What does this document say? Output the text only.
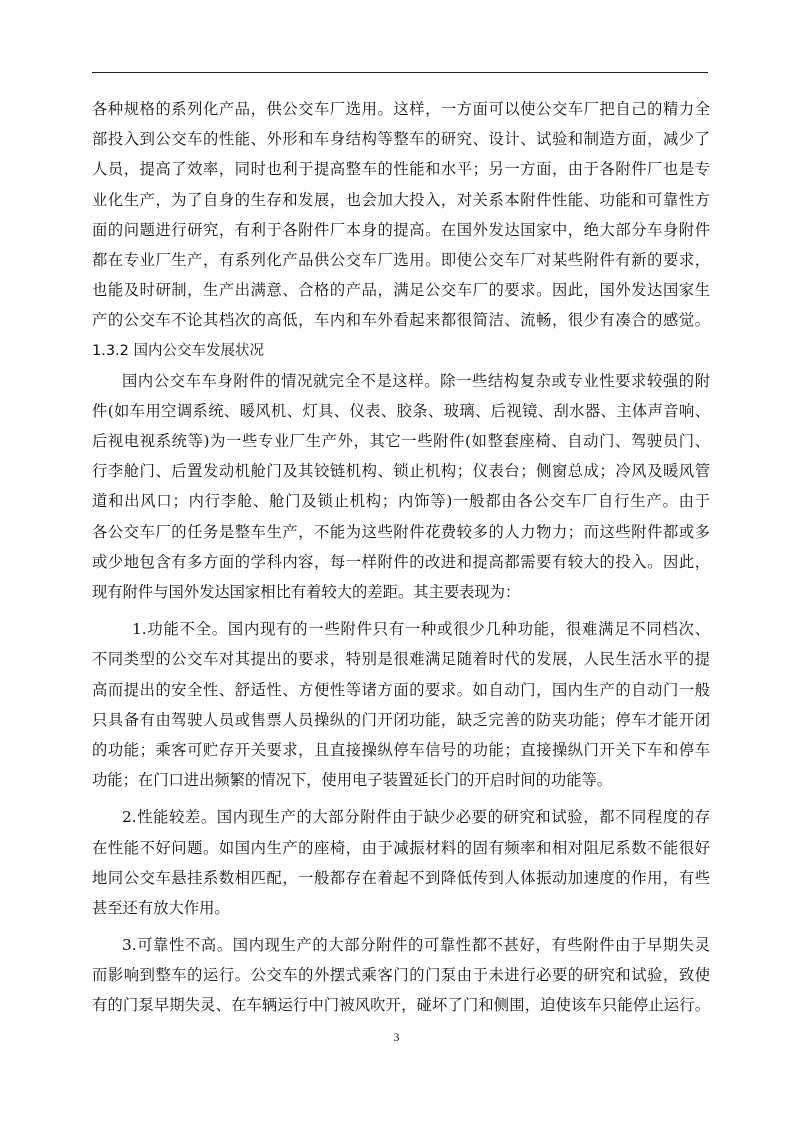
各种规格的系列化产品，供公交车厂选用。这样，一方面可以使公交车厂把自己的精力全
部投入到公交车的性能、外形和车身结构等整车的研究、设计、试验和制造方面，减少了
人员，提高了效率，同时也利于提高整车的性能和水平；另一方面，由于各附件厂也是专
业化生产，为了自身的生存和发展，也会加大投入，对关系本附件性能、功能和可靠性方
面的问题进行研究，有利于各附件厂本身的提高。在国外发达国家中，绝大部分车身附件
都在专业厂生产，有系列化产品供公交车厂选用。即使公交车厂对某些附件有新的要求，
也能及时研制，生产出满意、合格的产品，满足公交车厂的要求。因此，国外发达国家生
产的公交车不论其档次的高低，车内和车外看起来都很简洁、流畅，很少有凑合的感觉。
1.3.2 国内公交车发展状况
国内公交车车身附件的情况就完全不是这样。除一些结构复杂或专业性要求较强的附
件(如车用空调系统、暖风机、灯具、仪表、胶条、玻璃、后视镜、刮水器、主体声音响、
后视电视系统等)为一些专业厂生产外，其它一些附件(如整套座椅、自动门、驾驶员门、
行李舱门、后置发动机舱门及其铰链机构、锁止机构；仪表台；侧窗总成；冷风及暖风管
道和出风口；内行李舱、舱门及锁止机构；内饰等)一般都由各公交车厂自行生产。由于
各公交车厂的任务是整车生产，不能为这些附件花费较多的人力物力；而这些附件都或多
或少地包含有多方面的学科内容，每一样附件的改进和提高都需要有较大的投入。因此，
现有附件与国外发达国家相比有着较大的差距。其主要表现为：
1.功能不全。国内现有的一些附件只有一种或很少几种功能，很难满足不同档次、
不同类型的公交车对其提出的要求，特别是很难满足随着时代的发展，人民生活水平的提
高而提出的安全性、舒适性、方便性等诸方面的要求。如自动门，国内生产的自动门一般
只具备有由驾驶人员或售票人员操纵的门开闭功能，缺乏完善的防夹功能；停车才能开闭
的功能；乘客可贮存开关要求，且直接操纵停车信号的功能；直接操纵门开关下车和停车
功能；在门口进出频繁的情况下，使用电子装置延长门的开启时间的功能等。
2.性能较差。国内现生产的大部分附件由于缺少必要的研究和试验，都不同程度的存
在性能不好问题。如国内生产的座椅，由于减振材料的固有频率和相对阻尼系数不能很好
地同公交车悬挂系数相匹配，一般都存在着起不到降低传到人体振动加速度的作用，有些
甚至还有放大作用。
3.可靠性不高。国内现生产的大部分附件的可靠性都不甚好，有些附件由于早期失灵
而影响到整车的运行。公交车的外摆式乘客门的门泵由于未进行必要的研究和试验，致使
有的门泵早期失灵、在车辆运行中门被风吹开，碰坏了门和侧围，迫使该车只能停止运行。
3
